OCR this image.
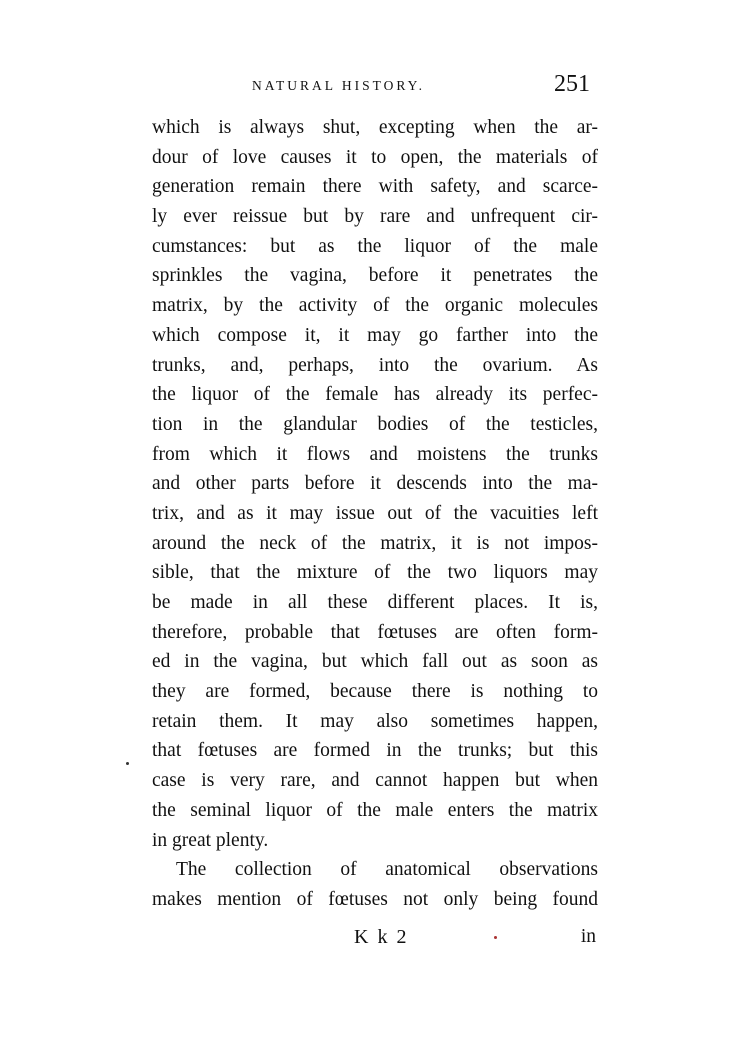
NATURAL HISTORY.	251
which is always shut, excepting when the ar-
dour of love causes it to open, the materials of
generation remain there with safety, and scarce-
ly ever reissue but by rare and unfrequent cir-
cumstances: but as the liquor of the male
sprinkles the vagina, before it penetrates the
matrix, by the activity of the organic molecules
which compose it, it may go farther into the
trunks, and, perhaps, into the ovarium. As
the liquor of the female has already its perfec-
tion in the glandular bodies of the testicles,
from which it flows and moistens the trunks
and other parts before it descends into the ma-
trix, and as it may issue out of the vacuities left
around the neck of the matrix, it is not impos-
sible, that the mixture of the two liquors may
be made in all these different places. It is,
therefore, probable that fœtuses are often form-
ed in the vagina, but which fall out as soon as
they are formed, because there is nothing to
retain them. It may also sometimes happen,
that fœtuses are formed in the trunks; but this
case is very rare, and cannot happen but when
the seminal liquor of the male enters the matrix
in great plenty.
The collection of anatomical observations
makes mention of fœtuses not only being found
K k 2	in
